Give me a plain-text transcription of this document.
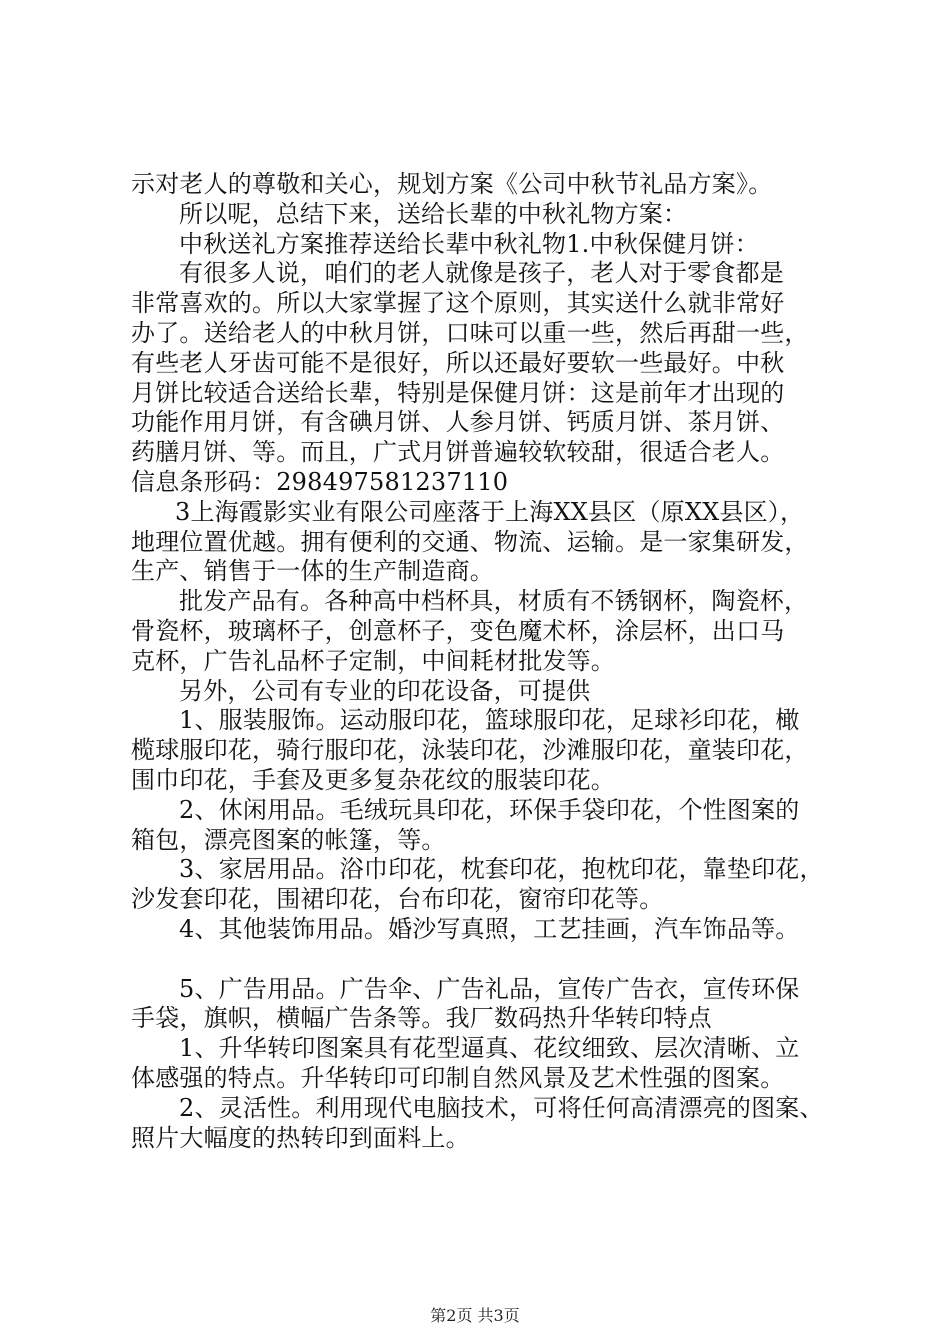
示对老人的尊敬和关心，规划方案《公司中秋节礼品方案》。
所以呢，总结下来，送给长辈的中秋礼物方案：
中秋送礼方案推荐送给长辈中秋礼物1.中秋保健月饼：
有很多人说，咱们的老人就像是孩子，老人对于零食都是
非常喜欢的。所以大家掌握了这个原则，其实送什么就非常好
办了。送给老人的中秋月饼，口味可以重一些，然后再甜一些，
有些老人牙齿可能不是很好，所以还最好要软一些最好。中秋
月饼比较适合送给长辈，特别是保健月饼：这是前年才出现的
功能作用月饼，有含碘月饼、人参月饼、钙质月饼、茶月饼、
药膳月饼、等。而且，广式月饼普遍较软较甜，很适合老人。
信息条形码：298497581237110
3上海霞影实业有限公司座落于上海XX县区（原XX县区），
地理位置优越。拥有便利的交通、物流、运输。是一家集研发，
生产、销售于一体的生产制造商。
批发产品有。各种高中档杯具，材质有不锈钢杯，陶瓷杯，
骨瓷杯，玻璃杯子，创意杯子，变色魔术杯，涂层杯，出口马
克杯，广告礼品杯子定制，中间耗材批发等。
另外，公司有专业的印花设备，可提供
1、服装服饰。运动服印花，篮球服印花，足球衫印花，橄
榄球服印花，骑行服印花，泳装印花，沙滩服印花，童装印花，
围巾印花，手套及更多复杂花纹的服装印花。
2、休闲用品。毛绒玩具印花，环保手袋印花，个性图案的
箱包，漂亮图案的帐篷，等。
3、家居用品。浴巾印花，枕套印花，抱枕印花，靠垫印花，
沙发套印花，围裙印花，台布印花，窗帘印花等。
4、其他装饰用品。婚沙写真照，工艺挂画，汽车饰品等。
5、广告用品。广告伞、广告礼品，宣传广告衣，宣传环保
手袋，旗帜，横幅广告条等。我厂数码热升华转印特点
1、升华转印图案具有花型逼真、花纹细致、层次清晰、立
体感强的特点。升华转印可印制自然风景及艺术性强的图案。
2、灵活性。利用现代电脑技术，可将任何高清漂亮的图案、
照片大幅度的热转印到面料上。
第2页 共3页
